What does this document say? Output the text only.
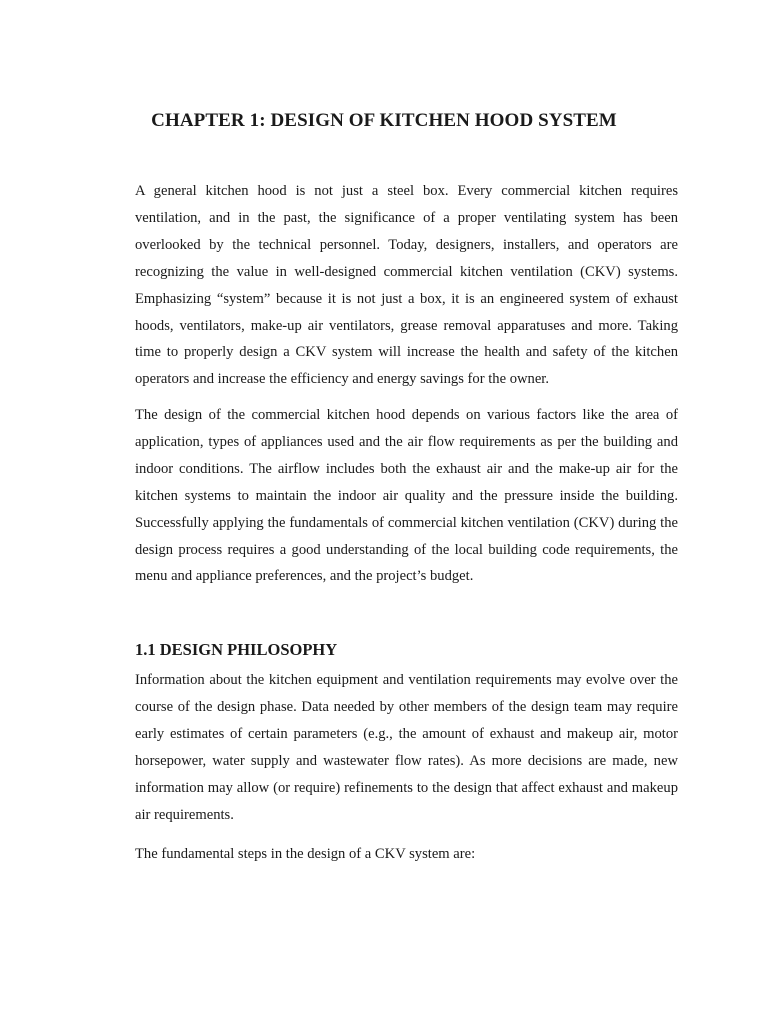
CHAPTER 1: DESIGN OF KITCHEN HOOD SYSTEM

A general kitchen hood is not just a steel box. Every commercial kitchen requires ventilation, and in the past, the significance of a proper ventilating system has been overlooked by the technical personnel. Today, designers, installers, and operators are recognizing the value in well-designed commercial kitchen ventilation (CKV) systems. Emphasizing “system” because it is not just a box, it is an engineered system of exhaust hoods, ventilators, make-up air ventilators, grease removal apparatuses and more. Taking time to properly design a CKV system will increase the health and safety of the kitchen operators and increase the efficiency and energy savings for the owner.

The design of the commercial kitchen hood depends on various factors like the area of application, types of appliances used and the air flow requirements as per the building and indoor conditions. The airflow includes both the exhaust air and the make-up air for the kitchen systems to maintain the indoor air quality and the pressure inside the building. Successfully applying the fundamentals of commercial kitchen ventilation (CKV) during the design process requires a good understanding of the local building code requirements, the menu and appliance preferences, and the project’s budget.

1.1 DESIGN PHILOSOPHY

Information about the kitchen equipment and ventilation requirements may evolve over the course of the design phase. Data needed by other members of the design team may require early estimates of certain parameters (e.g., the amount of exhaust and makeup air, motor horsepower, water supply and wastewater flow rates). As more decisions are made, new information may allow (or require) refinements to the design that affect exhaust and makeup air requirements.

The fundamental steps in the design of a CKV system are:
